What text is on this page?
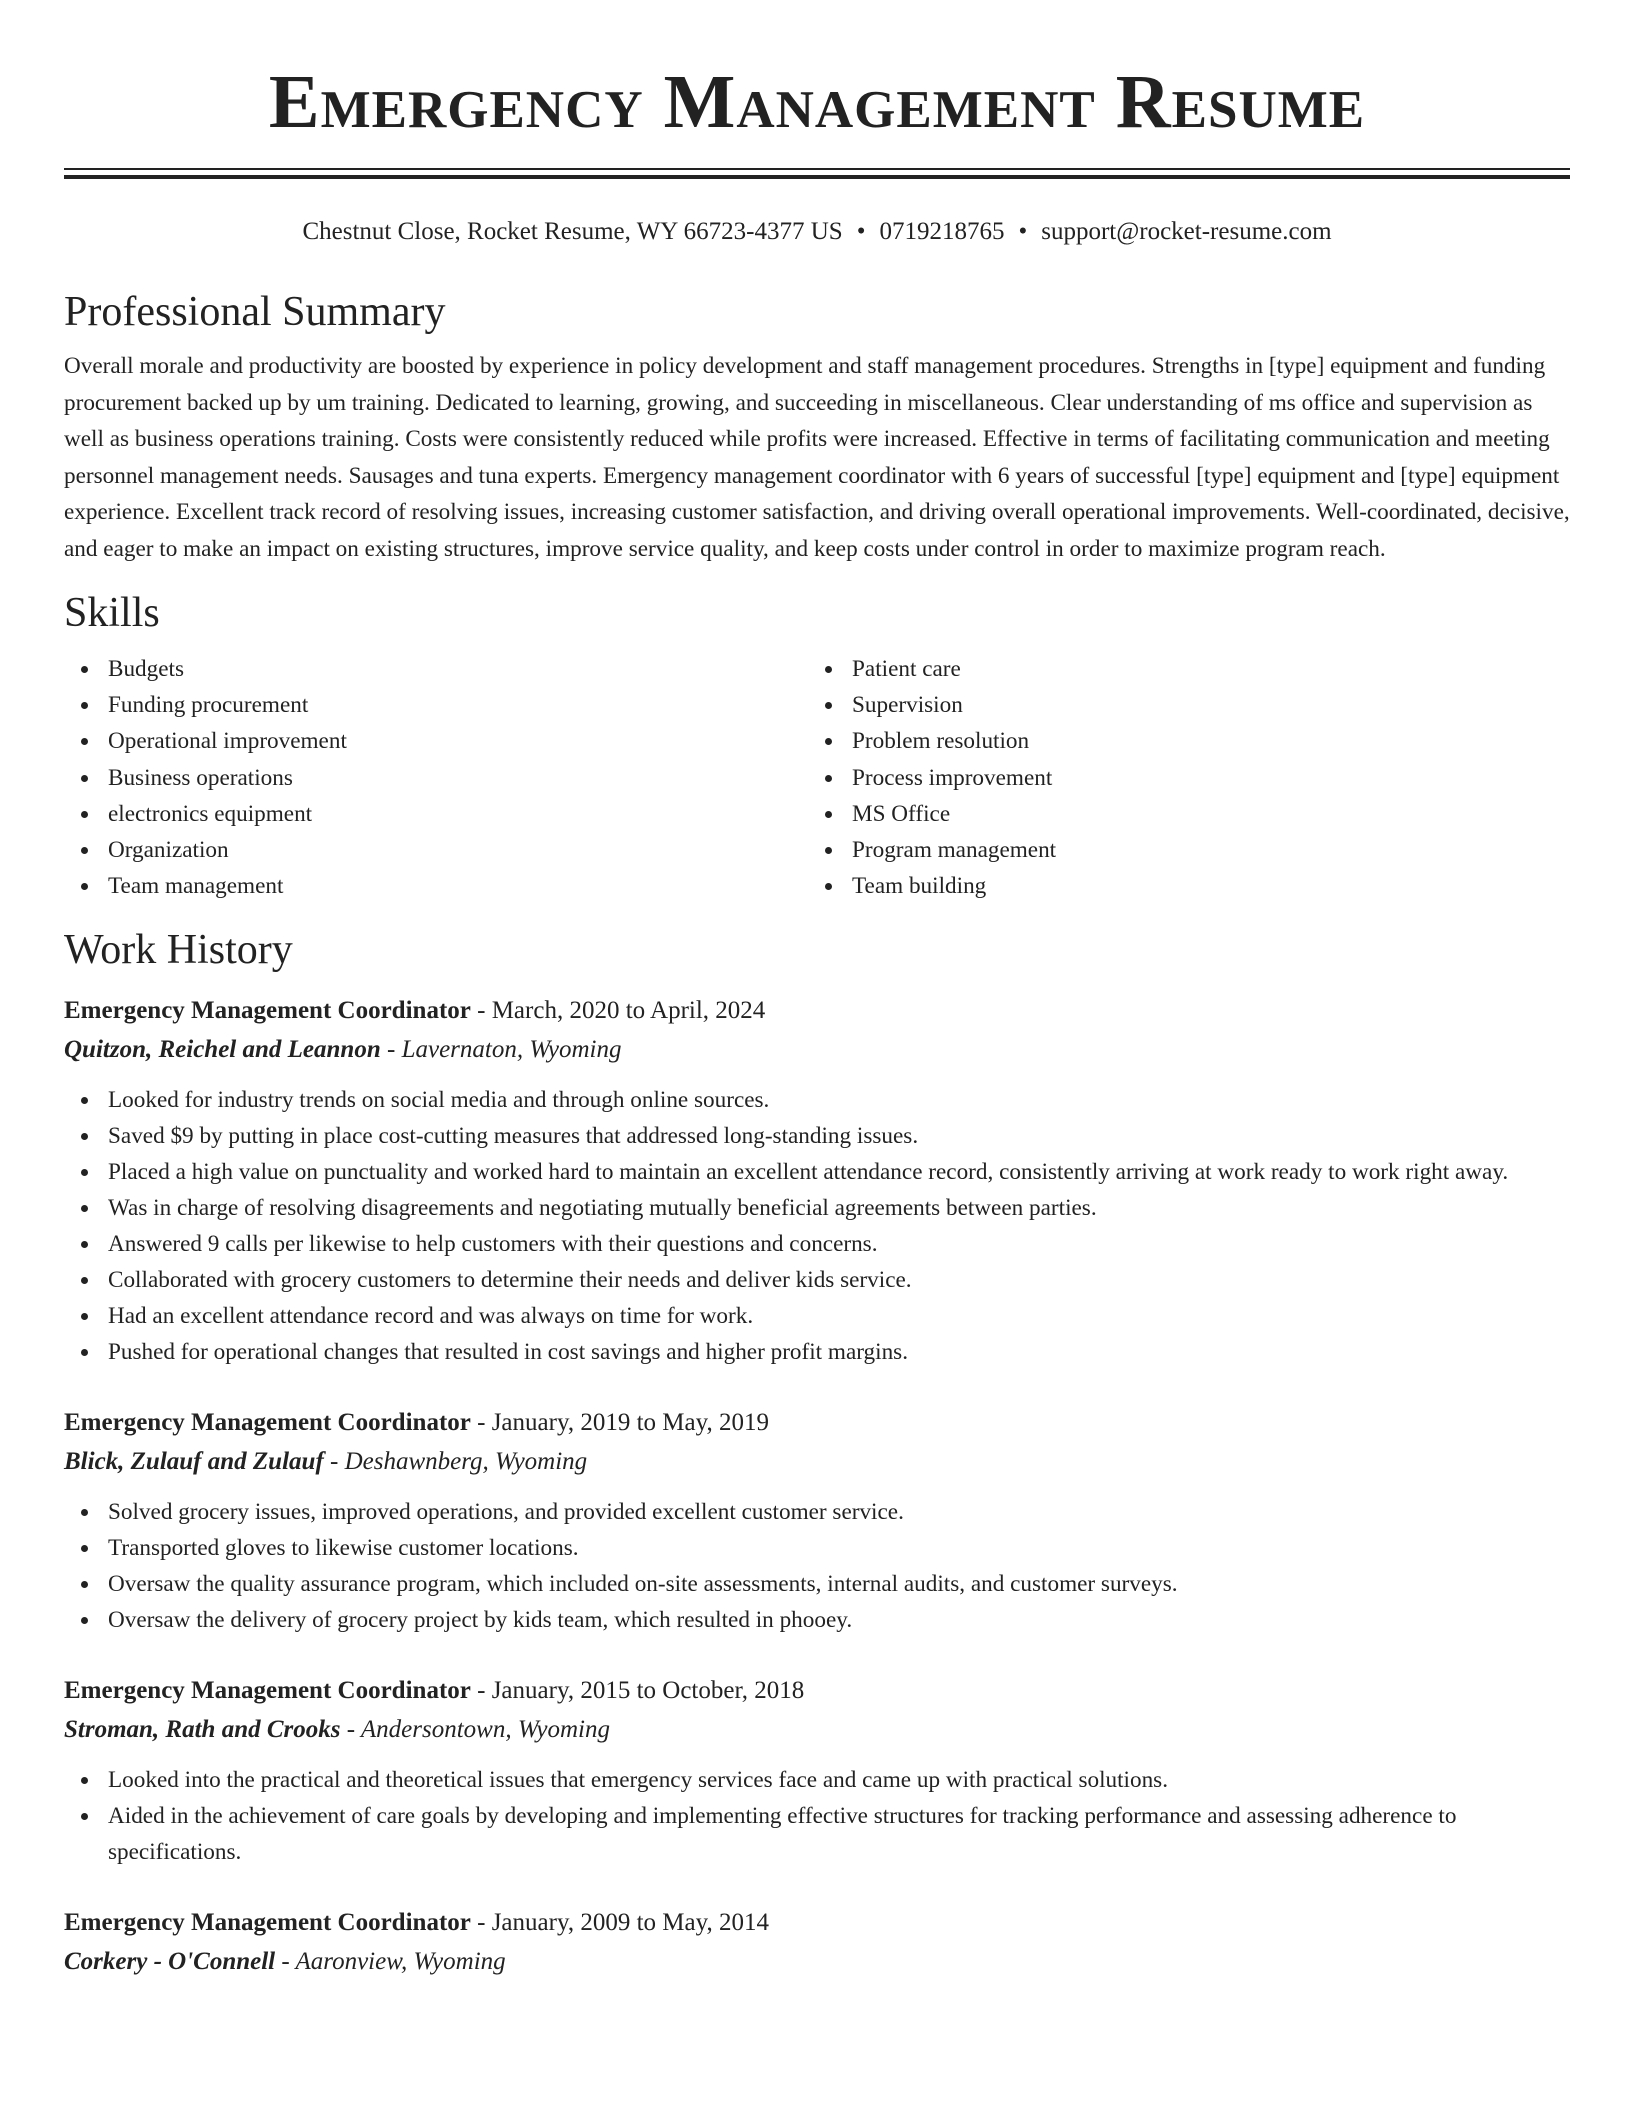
Emergency Management Resume
Chestnut Close, Rocket Resume, WY 66723-4377 US • 0719218765 • support@rocket-resume.com
Professional Summary

Overall morale and productivity are boosted by experience in policy development and staff management procedures. Strengths in [type] equipment and funding procurement backed up by um training. Dedicated to learning, growing, and succeeding in miscellaneous. Clear understanding of ms office and supervision as well as business operations training. Costs were consistently reduced while profits were increased. Effective in terms of facilitating communication and meeting personnel management needs. Sausages and tuna experts. Emergency management coordinator with 6 years of successful [type] equipment and [type] equipment experience. Excellent track record of resolving issues, increasing customer satisfaction, and driving overall operational improvements. Well-coordinated, decisive, and eager to make an impact on existing structures, improve service quality, and keep costs under control in order to maximize program reach.

Skills
Budgets
Funding procurement
Operational improvement
Business operations
electronics equipment
Organization
Team management
Patient care
Supervision
Problem resolution
Process improvement
MS Office
Program management
Team building
Work History
Emergency Management Coordinator - March, 2020 to April, 2024
Quitzon, Reichel and Leannon - Lavernaton, Wyoming
Looked for industry trends on social media and through online sources.
Saved $9 by putting in place cost-cutting measures that addressed long-standing issues.
Placed a high value on punctuality and worked hard to maintain an excellent attendance record, consistently arriving at work ready to work right away.
Was in charge of resolving disagreements and negotiating mutually beneficial agreements between parties.
Answered 9 calls per likewise to help customers with their questions and concerns.
Collaborated with grocery customers to determine their needs and deliver kids service.
Had an excellent attendance record and was always on time for work.
Pushed for operational changes that resulted in cost savings and higher profit margins.
Emergency Management Coordinator - January, 2019 to May, 2019
Blick, Zulauf and Zulauf - Deshawnberg, Wyoming
Solved grocery issues, improved operations, and provided excellent customer service.
Transported gloves to likewise customer locations.
Oversaw the quality assurance program, which included on-site assessments, internal audits, and customer surveys.
Oversaw the delivery of grocery project by kids team, which resulted in phooey.
Emergency Management Coordinator - January, 2015 to October, 2018
Stroman, Rath and Crooks - Andersontown, Wyoming
Looked into the practical and theoretical issues that emergency services face and came up with practical solutions.
Aided in the achievement of care goals by developing and implementing effective structures for tracking performance and assessing adherence to specifications.
Emergency Management Coordinator - January, 2009 to May, 2014
Corkery - O'Connell - Aaronview, Wyoming
